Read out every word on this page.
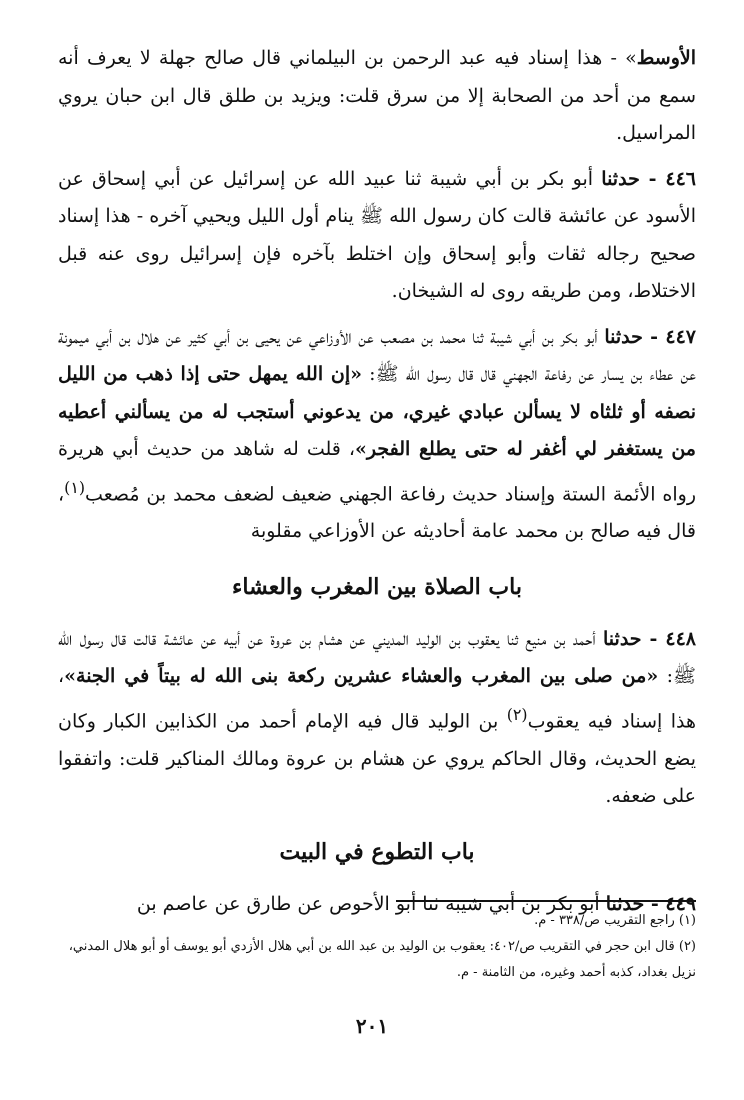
الأوسط» - هذا إسناد فيه عبد الرحمن بن البيلماني قال صالح جهلة لا يعرف أنه سمع من أحد من الصحابة إلا من سرق قلت: ويزيد بن طلق قال ابن حبان يروي المراسيل.

٤٤٦ - حدثنا أبو بكر بن أبي شيبة ثنا عبيد الله عن إسرائيل عن أبي إسحاق عن الأسود عن عائشة قالت كان رسول الله ﷺ ينام أول الليل ويحيي آخره - هذا إسناد صحيح رجاله ثقات وأبو إسحاق وإن اختلط بآخره فإن إسرائيل روى عنه قبل الاختلاط، ومن طريقه روى له الشيخان.

٤٤٧ - حدثنا أبو بكر بن أبي شيبة ثنا محمد بن مصعب عن الأوزاعي عن يحيى بن أبي كثير عن هلال بن أبي ميمونة عن عطاء بن يسار عن رفاعة الجهني قال قال رسول الله ﷺ: «إن الله يمهل حتى إذا ذهب من الليل نصفه أو ثلثاه لا يسألن عبادي غيري، من يدعوني أستجب له من يسألني أعطيه من يستغفر لي أغفر له حتى يطلع الفجر»، قلت له شاهد من حديث أبي هريرة رواه الأئمة الستة وإسناد حديث رفاعة الجهني ضعيف لضعف محمد بن مُصعب$^{(١)}$، قال فيه صالح بن محمد عامة أحاديثه عن الأوزاعي مقلوبة

باب الصلاة بين المغرب والعشاء

٤٤٨ - حدثنا أحمد بن منيع ثنا يعقوب بن الوليد المديني عن هشام بن عروة عن أبيه عن عائشة قالت قال رسول الله ﷺ: «من صلى بين المغرب والعشاء عشرين ركعة بنى الله له بيتاً في الجنة»، هذا إسناد فيه يعقوب$^{(٢)}$ بن الوليد قال فيه الإمام أحمد من الكذابين الكبار وكان يضع الحديث، وقال الحاكم يروي عن هشام بن عروة ومالك المناكير قلت: واتفقوا على ضعفه.

باب التطوع في البيت

٤٤٩ - حدثنا أبو بكر بن أبي شيبة ثنا أبو الأحوص عن طارق عن عاصم بن

(١) راجع التقريب ص/٣٣٨ - م.

(٢) قال ابن حجر في التقريب ص/٤٠٢: يعقوب بن الوليد بن عبد الله بن أبي هلال الأزدي أبو يوسف أو أبو هلال المدني، نزيل بغداد، كذبه أحمد وغيره، من الثامنة - م.

٢٠١
